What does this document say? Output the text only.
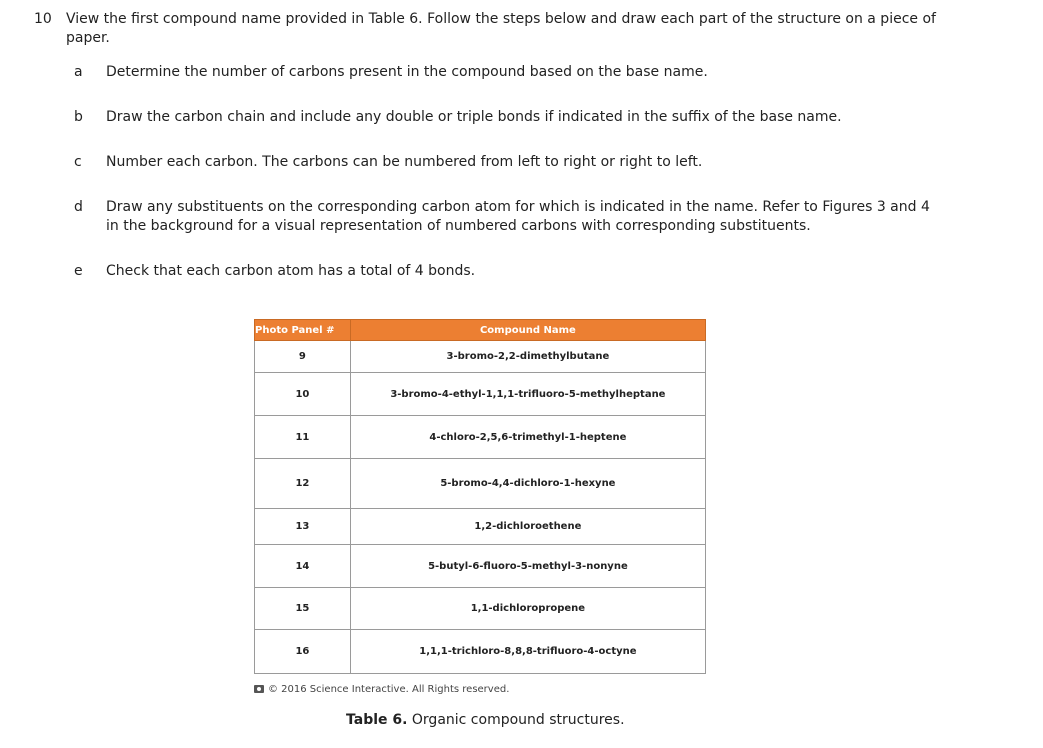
10 View the first compound name provided in Table 6. Follow the steps below and draw each part of the structure on a piece of paper.
a Determine the number of carbons present in the compound based on the base name.
b Draw the carbon chain and include any double or triple bonds if indicated in the suffix of the base name.
c	Number each carbon. The carbons can be numbered from left to right or right to left.
d Draw any substituents on the corresponding carbon atom for which is indicated in the name. Refer to Figures 3 and 4 in the background for a visual representation of numbered carbons with corresponding substituents.
e Check that each carbon atom has a total of 4 bonds.
Photo Panel #	Compound Name
9	3-bromo-2,2-dimethylbutane
10	3-bromo-4-ethyl-1,1,1-trifluoro-5-methylheptane
11	4-chloro-2,5,6-trimethyl-1-heptene
12	5-bromo-4,4-dichloro-1-hexyne
13	1,2-dichloroethene
14	5-butyl-6-fluoro-5-methyl-3-nonyne
15	1,1-dichloropropene
16	1,1,1-trichloro-8,8,8-trifluoro-4-octyne
© 2016 Science Interactive. All Rights reserved.
Table 6. Organic compound structures.
